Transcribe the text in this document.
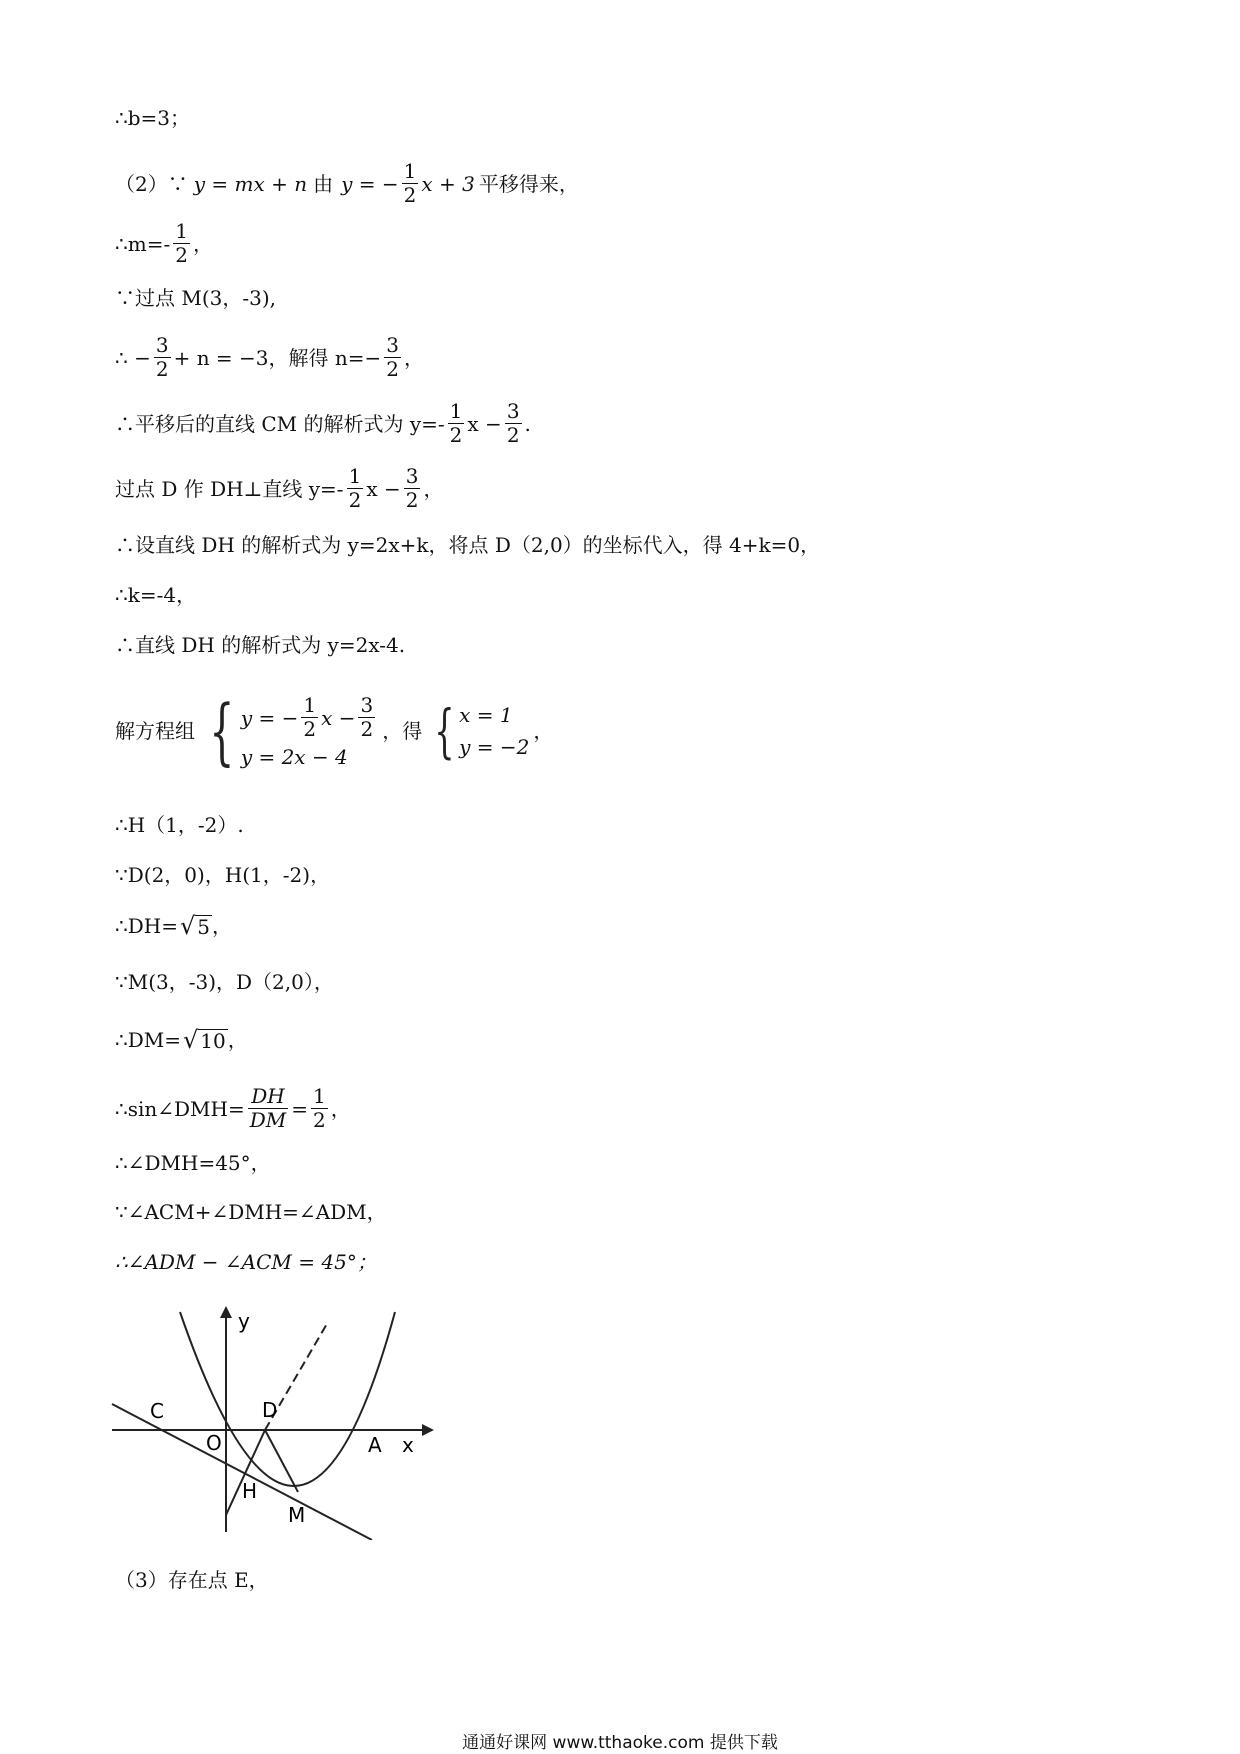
∴b=3；
（2）∵ y = mx + n 由 y = − $\frac{1}{2}$ x + 3 平移得来，
∴m=- $\frac{1}{2}$ ，
∵过点 M(3，-3),
∴ − $\frac{3}{2} + n = -3$，解得 $n=- \frac{3}{2}$ ，
∴平移后的直线 CM 的解析式为 $y=- \frac{1}{2}$ $x - \frac{3}{2}$ .
过点 D 作 DH⊥直线 $y=- \frac{1}{2}$ $x - \frac{3}{2}$ ，
∴设直线 DH 的解析式为 y=2x+k，将点 D（2,0）的坐标代入，得 4+k=0，
∴k=-4，
∴直线 DH 的解析式为 y=2x-4.
解方程组 { y = − $\frac{1}{2}$ $x - \frac{3}{2}$
y = 2x − 4
，得 { x = 1
y = −2
，
∴H（1，-2）.
∵D(2，0)，H(1，-2)，
∴DH= √ 5 ，
∵M(3，-3)，D（2,0），
∴DM= √ 10 ，
∴sin∠DMH= $\frac{DH}{DM} = \frac{1}{2}$ ，
∴∠DMH=45°，
∵∠ACM+∠DMH=∠ADM，
∴∠ADM − ∠ACM = 45°；
y
x
C	D
O	A
H
M
（3）存在点 E，
通通好课网 www.tthaoke.com 提供下载
